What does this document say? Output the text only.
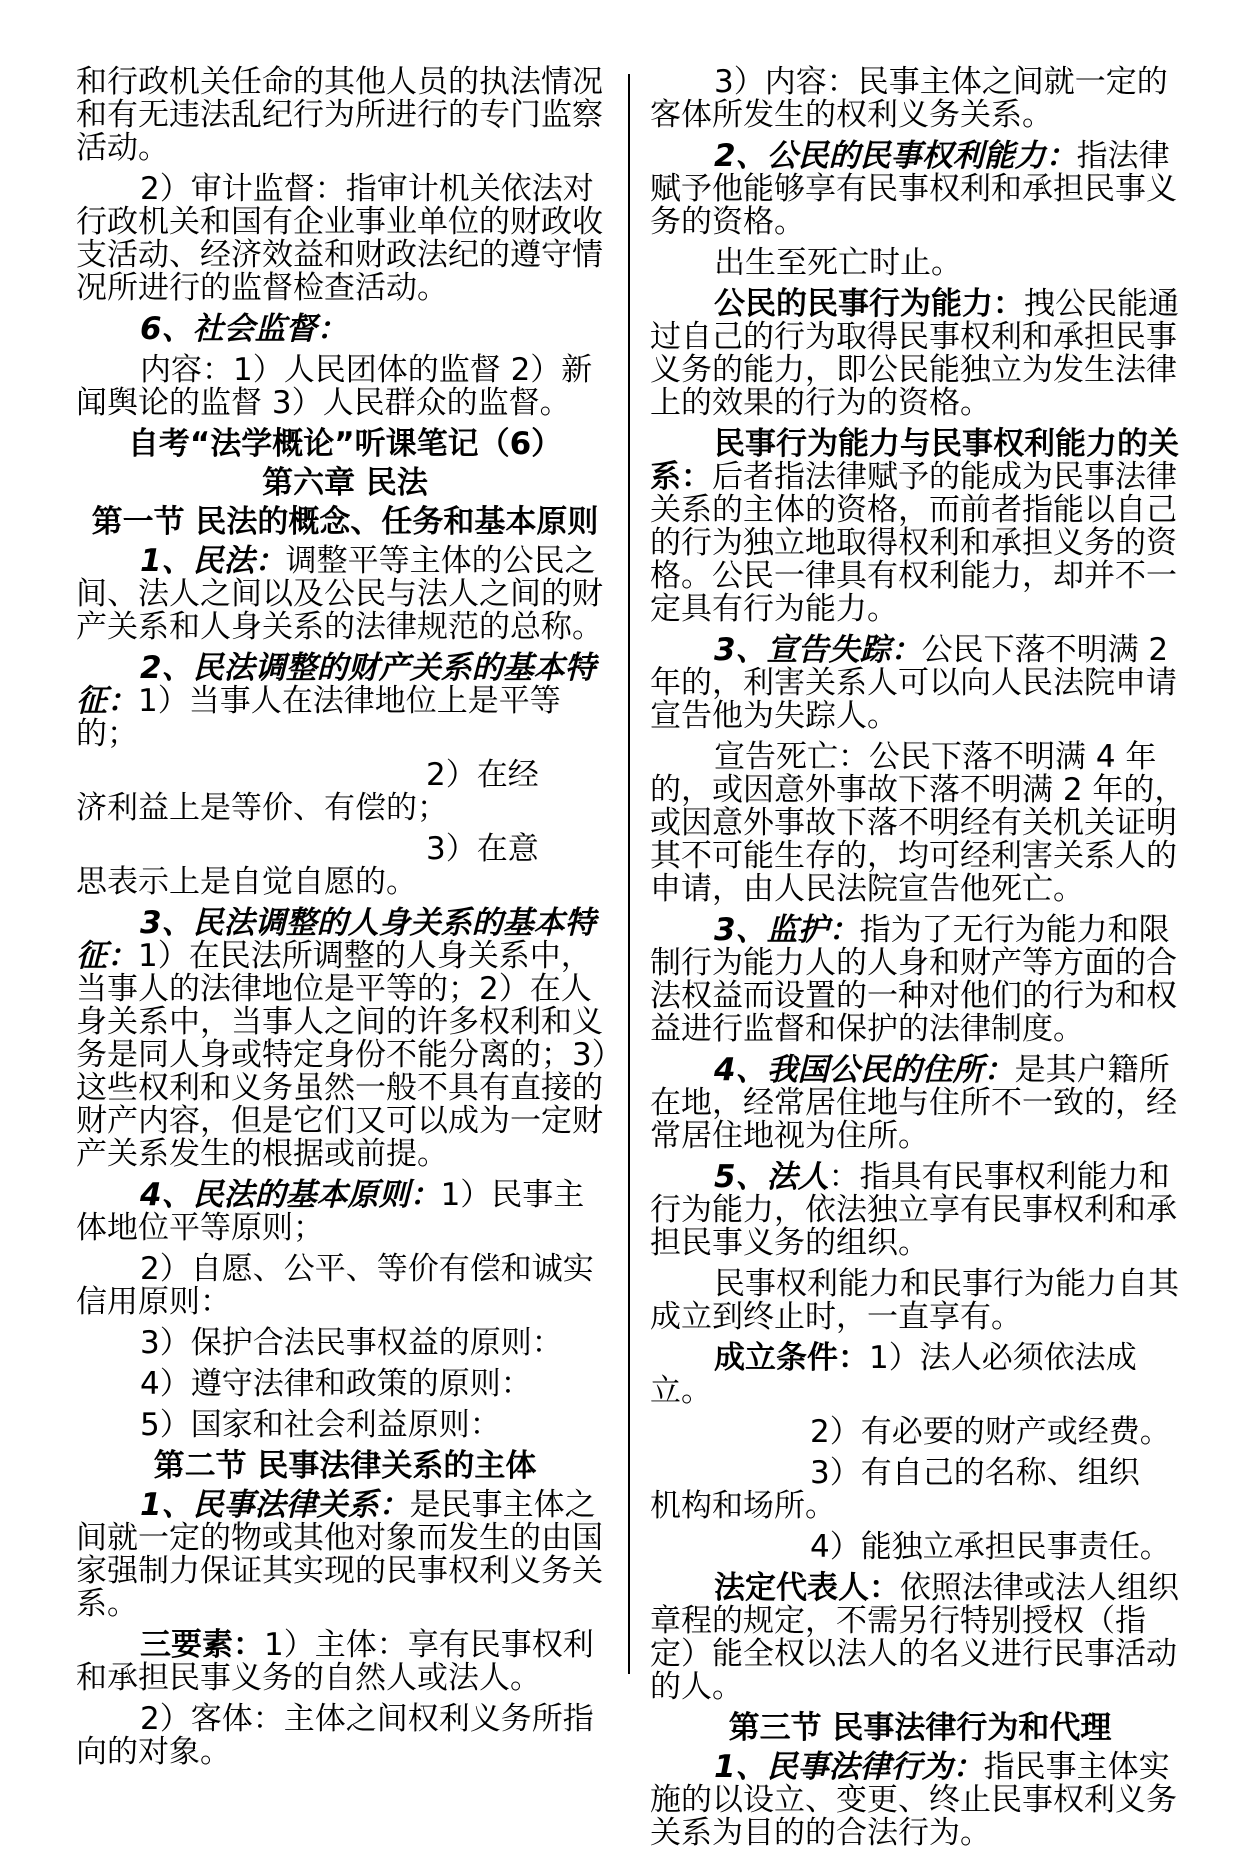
和行政机关任命的其他人员的执法情况和有无违法乱纪行为所进行的专门监察活动。

2）审计监督：指审计机关依法对行政机关和国有企业事业单位的财政收支活动、经济效益和财政法纪的遵守情况所进行的监督检查活动。

6、社会监督：

内容：1）人民团体的监督 2）新闻舆论的监督 3）人民群众的监督。

自考“法学概论”听课笔记（6）
第六章 民法
第一节 民法的概念、任务和基本原则

1、民法：调整平等主体的公民之间、法人之间以及公民与法人之间的财产关系和人身关系的法律规范的总称。

2、民法调整的财产关系的基本特征：1）当事人在法律地位上是平等的；

2）在经
济利益上是等价、有偿的；

3）在意
思表示上是自觉自愿的。

3、民法调整的人身关系的基本特征：1）在民法所调整的人身关系中，当事人的法律地位是平等的；2）在人身关系中，当事人之间的许多权利和义务是同人身或特定身份不能分离的；3）这些权利和义务虽然一般不具有直接的财产内容，但是它们又可以成为一定财产关系发生的根据或前提。

4、民法的基本原则：1）民事主体地位平等原则；

2）自愿、公平、等价有偿和诚实信用原则：

3）保护合法民事权益的原则：

4）遵守法律和政策的原则：

5）国家和社会利益原则：

第二节 民事法律关系的主体

1、民事法律关系：是民事主体之间就一定的物或其他对象而发生的由国家强制力保证其实现的民事权利义务关系。

三要素：1）主体：享有民事权利和承担民事义务的自然人或法人。

2）客体：主体之间权利义务所指向的对象。

3）内容：民事主体之间就一定的客体所发生的权利义务关系。

2、公民的民事权利能力：指法律赋予他能够享有民事权利和承担民事义务的资格。

出生至死亡时止。

公民的民事行为能力：拽公民能通过自己的行为取得民事权利和承担民事义务的能力，即公民能独立为发生法律上的效果的行为的资格。

民事行为能力与民事权利能力的关系：后者指法律赋予的能成为民事法律关系的主体的资格，而前者指能以自己的行为独立地取得权利和承担义务的资格。公民一律具有权利能力，却并不一定具有行为能力。

3、宣告失踪：公民下落不明满 2 年的，利害关系人可以向人民法院申请宣告他为失踪人。

宣告死亡：公民下落不明满 4 年的，或因意外事故下落不明满 2 年的，或因意外事故下落不明经有关机关证明其不可能生存的，均可经利害关系人的申请，由人民法院宣告他死亡。

3、监护：指为了无行为能力和限制行为能力人的人身和财产等方面的合法权益而设置的一种对他们的行为和权益进行监督和保护的法律制度。

4、我国公民的住所：是其户籍所在地，经常居住地与住所不一致的，经常居住地视为住所。

5、法人：指具有民事权利能力和行为能力，依法独立享有民事权利和承担民事义务的组织。

民事权利能力和民事行为能力自其成立到终止时，一直享有。

成立条件：1）法人必须依法成立。

2）有必要的财产或经费。

3）有自己的名称、组织
机构和场所。

4）能独立承担民事责任。

法定代表人：依照法律或法人组织章程的规定，不需另行特别授权（指定）能全权以法人的名义进行民事活动的人。

第三节 民事法律行为和代理

1、民事法律行为：指民事主体实施的以设立、变更、终止民事权利义务关系为目的的合法行为。
